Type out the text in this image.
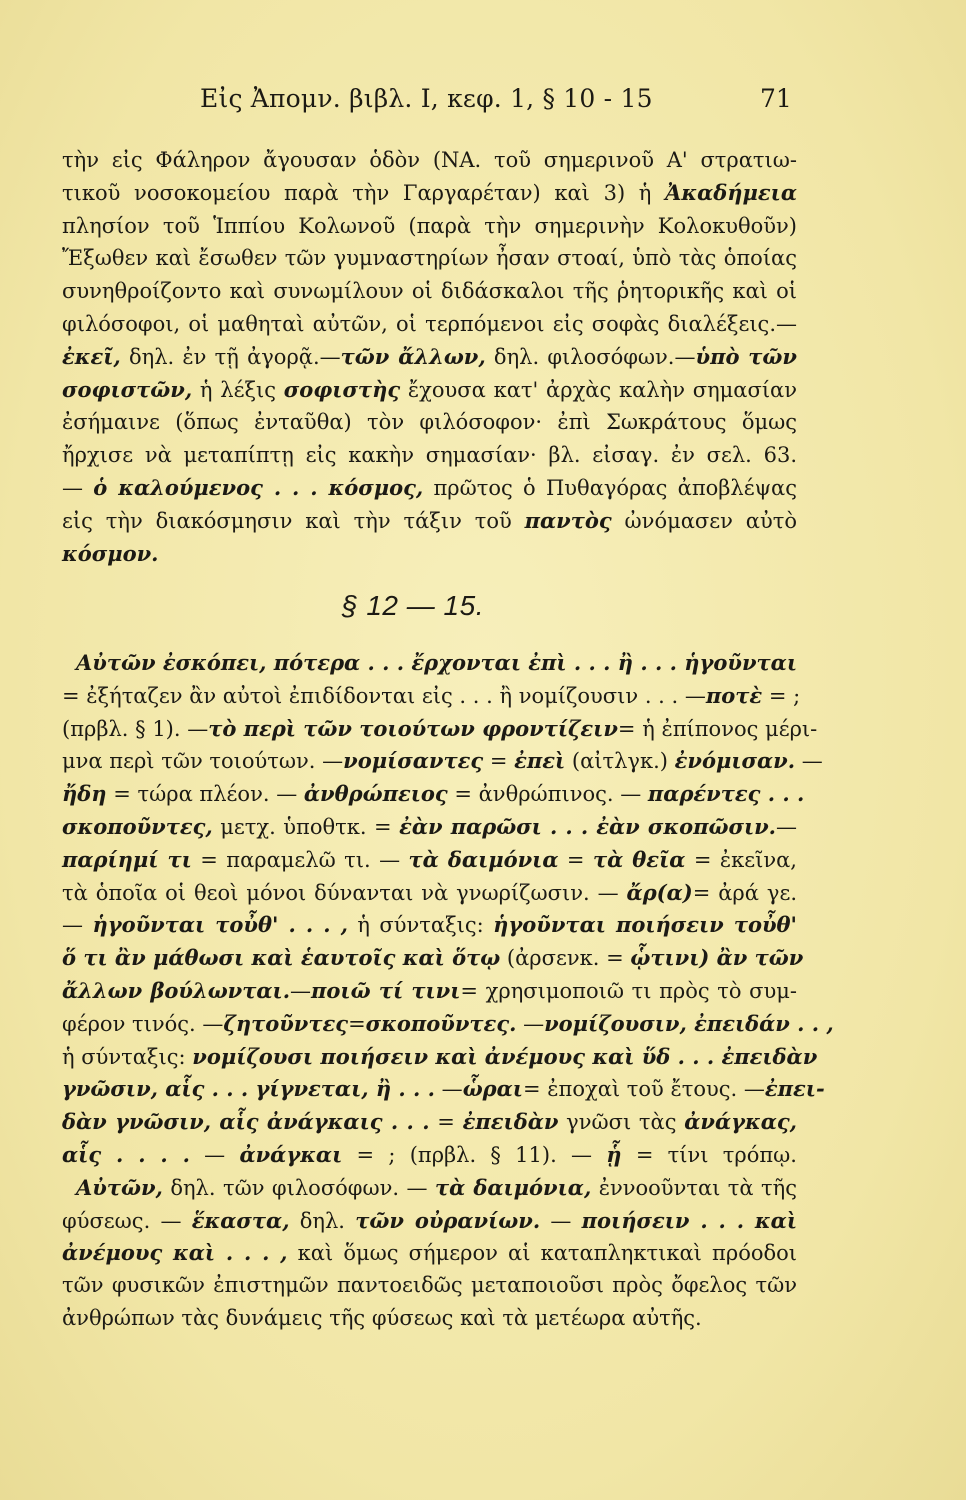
Εἰς Ἀπομν. βιβλ. I, κεφ. 1, § 10 - 15	71
τὴν εἰς Φάληρον ἄγουσαν ὁδὸν (ΝΑ. τοῦ σημερινοῦ Α' στρατιω-
τικοῦ νοσοκομείου παρὰ τὴν Γαργαρέταν) καὶ 3) ἡ Ἀκαδήμεια
πλησίον τοῦ Ἱππίου Κολωνοῦ (παρὰ τὴν σημερινὴν Κολοκυθοῦν)
Ἔξωθεν καὶ ἔσωθεν τῶν γυμναστηρίων ἦσαν στοαί, ὑπὸ τὰς ὁποίας
συνηθροίζοντο καὶ συνωμίλουν οἱ διδάσκαλοι τῆς ῥητορικῆς καὶ οἱ
φιλόσοφοι, οἱ μαθηταὶ αὐτῶν, οἱ τερπόμενοι εἰς σοφὰς διαλέξεις.—
ἐκεῖ, δηλ. ἐν τῇ ἀγορᾷ.—τῶν ἄλλων, δηλ. φιλοσόφων.—ὑπὸ τῶν
σοφιστῶν, ἡ λέξις σοφιστὴς ἔχουσα κατ' ἀρχὰς καλὴν σημασίαν
ἐσήμαινε (ὅπως ἐνταῦθα) τὸν φιλόσοφον· ἐπὶ Σωκράτους ὅμως
ἤρχισε νὰ μεταπίπτῃ εἰς κακὴν σημασίαν· βλ. εἰσαγ. ἐν σελ. 63.
— ὁ καλούμενος . . . κόσμος, πρῶτος ὁ Πυθαγόρας ἀποβλέψας
εἰς τὴν διακόσμησιν καὶ τὴν τάξιν τοῦ παντὸς ὠνόμασεν αὐτὸ
κόσμον.
§ 12 — 15.
Αὐτῶν ἐσκόπει, πότερα . . . ἔρχονται ἐπὶ . . . ἢ . . . ἡγοῦνται
= ἐξήταζεν ἂν αὐτοὶ ἐπιδίδονται εἰς . . . ἢ νομίζουσιν . . . —ποτὲ = ;
(πρβλ. § 1). —τὸ περὶ τῶν τοιούτων φροντίζειν= ἡ ἐπίπονος μέρι-
μνα περὶ τῶν τοιούτων. —νομίσαντες = ἐπεὶ (αἰτλγκ.) ἐνόμισαν. —
ἤδη = τώρα πλέον. — ἀνθρώπειος = ἀνθρώπινος. — παρέντες . . .
σκοποῦντες, μετχ. ὑποθτκ. = ἐὰν παρῶσι . . . ἐὰν σκοπῶσιν.—
παρίημί τι = παραμελῶ τι. — τὰ δαιμόνια = τὰ θεῖα = ἐκεῖνα,
τὰ ὁποῖα οἱ θεοὶ μόνοι δύνανται νὰ γνωρίζωσιν. — ἄρ(α)= ἀρά γε.
— ἡγοῦνται τοὖθ' . . . , ἡ σύνταξις: ἡγοῦνται ποιήσειν τοὖθ'
ὅ τι ἂν μάθωσι καὶ ἑαυτοῖς καὶ ὅτῳ (ἀρσενκ. = ᾧτινι) ἂν τῶν
ἄλλων βούλωνται.—ποιῶ τί τινι= χρησιμοποιῶ τι πρὸς τὸ συμ-
φέρον τινός. —ζητοῦντες=σκοποῦντες. —νομίζουσιν, ἐπειδάν . . ,
ἡ σύνταξις: νομίζουσι ποιήσειν καὶ ἀνέμους καὶ ὕδ . . . ἐπειδὰν
γνῶσιν, αἷς . . . γίγνεται, ἢ . . . —ὧραι= ἐποχαὶ τοῦ ἔτους. —ἐπει-
δὰν γνῶσιν, αἷς ἀνάγκαις . . . = ἐπειδὰν γνῶσι τὰς ἀνάγκας,
αἷς . . . . — ἀνάγκαι = ; (πρβλ. § 11). — ᾗ = τίνι τρόπῳ.
Αὐτῶν, δηλ. τῶν φιλοσόφων. — τὰ δαιμόνια, ἐννοοῦνται τὰ τῆς
φύσεως. — ἕκαστα, δηλ. τῶν οὐρανίων. — ποιήσειν . . . καὶ
ἀνέμους καὶ . . . , καὶ ὅμως σήμερον αἱ καταπληκτικαὶ πρόοδοι
τῶν φυσικῶν ἐπιστημῶν παντοειδῶς μεταποιοῦσι πρὸς ὄφελος τῶν
ἀνθρώπων τὰς δυνάμεις τῆς φύσεως καὶ τὰ μετέωρα αὐτῆς.
